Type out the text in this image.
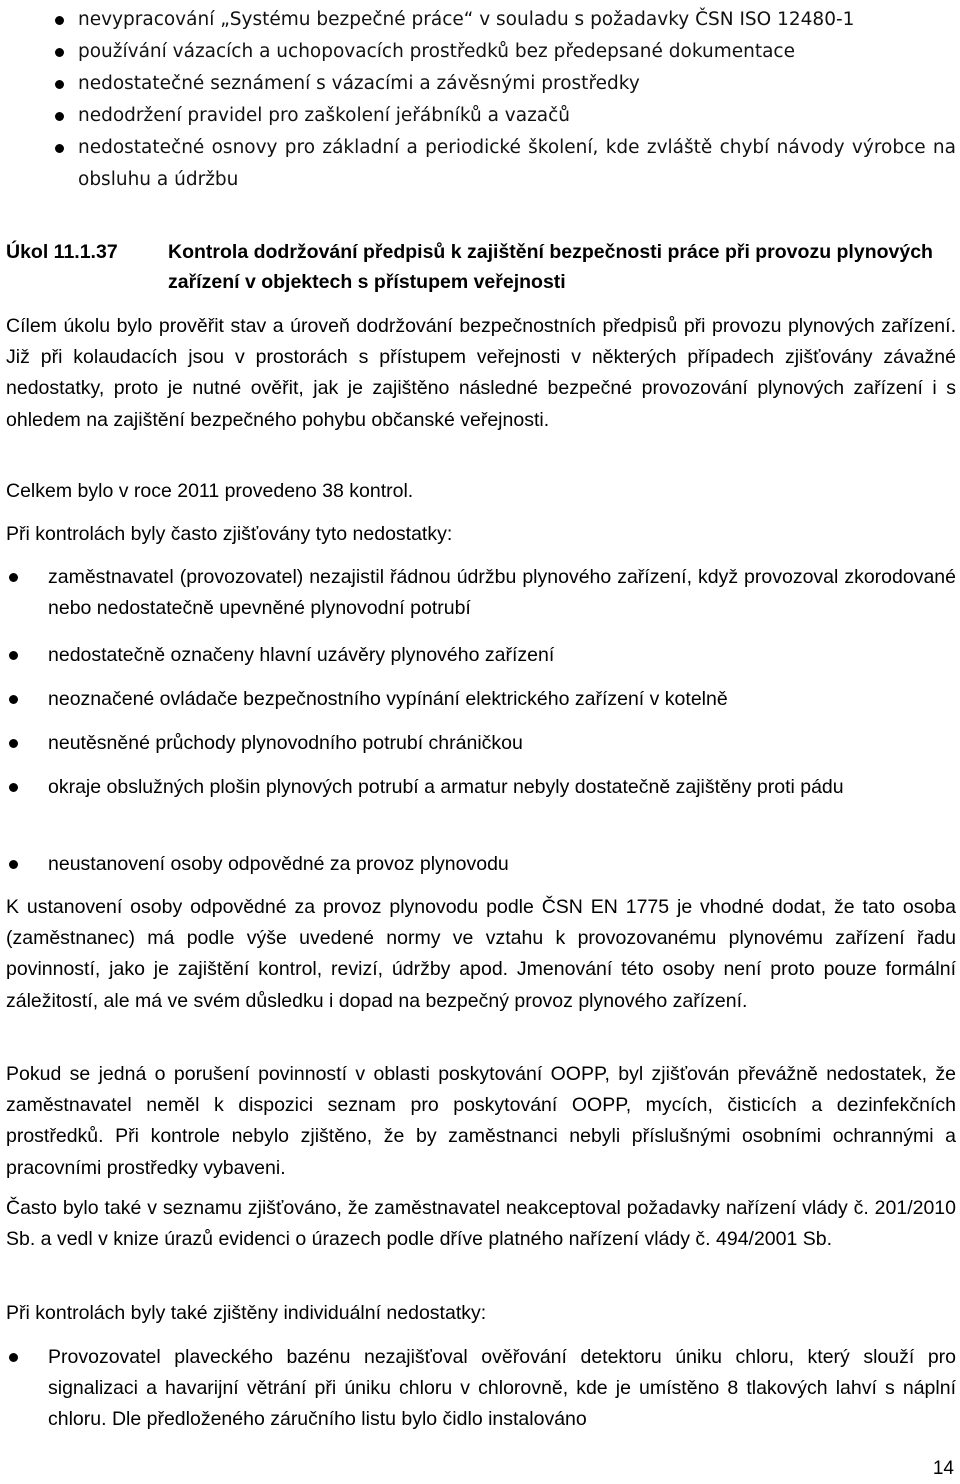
nevypracování „Systému bezpečné práce“ v souladu s požadavky ČSN ISO 12480-1
používání vázacích a uchopovacích prostředků bez předepsané dokumentace
nedostatečné seznámení s vázacími a závěsnými prostředky
nedodržení pravidel pro zaškolení jeřábníků a vazačů
nedostatečné osnovy pro základní a periodické školení, kde zvláště chybí návody výrobce na obsluhu a údržbu
Úkol 11.1.37	Kontrola dodržování předpisů k zajištění bezpečnosti práce při provozu plynových zařízení v objektech s přístupem veřejnosti
Cílem úkolu bylo prověřit stav a úroveň dodržování bezpečnostních předpisů při provozu plynových zařízení. Již při kolaudacích jsou v prostorách s přístupem veřejnosti v některých případech zjišťovány závažné nedostatky, proto je nutné ověřit, jak je zajištěno následné bezpečné provozování plynových zařízení i s ohledem na zajištění bezpečného pohybu občanské veřejnosti.
Celkem bylo v roce 2011 provedeno 38 kontrol.
Při kontrolách byly často zjišťovány tyto nedostatky:
zaměstnavatel (provozovatel) nezajistil řádnou údržbu plynového zařízení, když provozoval zkorodované nebo nedostatečně upevněné plynovodní potrubí
nedostatečně označeny hlavní uzávěry plynového zařízení
neoznačené ovládače bezpečnostního vypínání elektrického zařízení v kotelně
neutěsněné průchody plynovodního potrubí chráničkou
okraje obslužných plošin plynových potrubí a armatur nebyly dostatečně zajištěny proti pádu
neustanovení osoby odpovědné za provoz plynovodu
K ustanovení osoby odpovědné za provoz plynovodu podle ČSN EN 1775 je vhodné dodat, že tato osoba (zaměstnanec) má podle výše uvedené normy ve vztahu k provozovanému plynovému zařízení řadu povinností, jako je zajištění kontrol, revizí, údržby apod. Jmenování této osoby není proto pouze formální záležitostí, ale má ve svém důsledku i dopad na bezpečný provoz plynového zařízení.
Pokud se jedná o porušení povinností v oblasti poskytování OOPP, byl zjišťován převážně nedostatek, že zaměstnavatel neměl k dispozici seznam pro poskytování OOPP, mycích, čisticích a dezinfekčních prostředků. Při kontrole nebylo zjištěno, že by zaměstnanci nebyli příslušnými osobními ochrannými a pracovními prostředky vybaveni.
Často bylo také v seznamu zjišťováno, že zaměstnavatel neakceptoval požadavky nařízení vlády č. 201/2010 Sb. a vedl v knize úrazů evidenci o úrazech podle dříve platného nařízení vlády č. 494/2001 Sb.
Při kontrolách byly také zjištěny individuální nedostatky:
Provozovatel plaveckého bazénu nezajišťoval ověřování detektoru úniku chloru, který slouží pro signalizaci a havarijní větrání při úniku chloru v chlorovně, kde je umístěno 8 tlakových lahví s náplní chloru. Dle předloženého záručního listu bylo čidlo instalováno
14
